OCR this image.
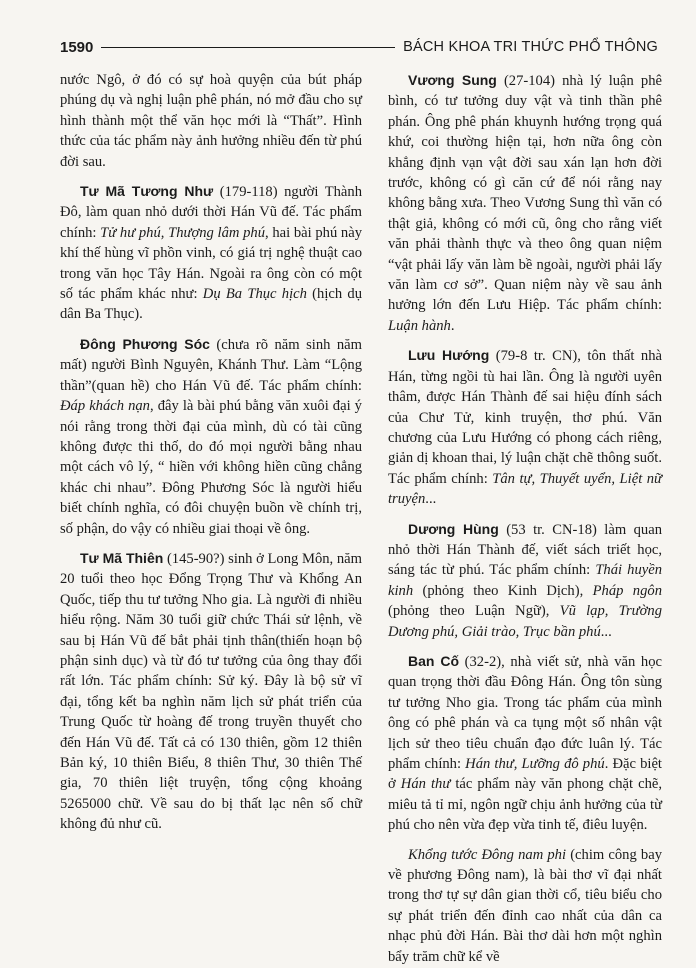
1590	BÁCH KHOA TRI THỨC PHỔ THÔNG

nước Ngô, ở đó có sự hoà quyện của bút pháp phúng dụ và nghị luận phê phán, nó mở đầu cho sự hình thành một thể văn học mới là “Thất”. Hình thức của tác phẩm này ảnh hưởng nhiều đến từ phú đời sau.

Tư Mã Tương Như (179-118) người Thành Đô, làm quan nhỏ dưới thời Hán Vũ đế. Tác phẩm chính: Tử hư phú, Thượng lâm phú, hai bài phú này khí thế hùng vĩ phồn vinh, có giá trị nghệ thuật cao trong văn học Tây Hán. Ngoài ra ông còn có một số tác phẩm khác như: Dụ Ba Thục hịch (hịch dụ dân Ba Thục).

Đông Phương Sóc (chưa rõ năm sinh năm mất) người Bình Nguyên, Khánh Thư. Làm “Lộng thần”(quan hề) cho Hán Vũ đế. Tác phẩm chính: Đáp khách nạn, đây là bài phú bằng văn xuôi đại ý nói rằng trong thời đại của mình, dù có tài cũng không được thi thố, do đó mọi người bằng nhau một cách vô lý, “ hiền với không hiền cũng chẳng khác chi nhau”. Đông Phương Sóc là người hiểu biết chính nghĩa, có đôi chuyện buồn về chính trị, số phận, do vậy có nhiều giai thoại về ông.

Tư Mã Thiên (145-90?) sinh ở Long Môn, năm 20 tuổi theo học Đổng Trọng Thư và Khổng An Quốc, tiếp thu tư tưởng Nho gia. Là người đi nhiều hiểu rộng. Năm 30 tuổi giữ chức Thái sử lệnh, về sau bị Hán Vũ đế bắt phải tịnh thân(thiến hoạn bộ phận sinh dục) và từ đó tư tưởng của ông thay đổi rất lớn. Tác phẩm chính: Sử ký. Đây là bộ sử vĩ đại, tổng kết ba nghìn năm lịch sử phát triển của Trung Quốc từ hoàng đế trong truyền thuyết cho đến Hán Vũ đế. Tất cả có 130 thiên, gồm 12 thiên Bản ký, 10 thiên Biểu, 8 thiên Thư, 30 thiên Thế gia, 70 thiên liệt truyện, tổng cộng khoảng 5265000 chữ. Về sau do bị thất lạc nên số chữ không đủ như cũ.

Vương Sung (27-104) nhà lý luận phê bình, có tư tưởng duy vật và tinh thần phê phán. Ông phê phán khuynh hướng trọng quá khứ, coi thường hiện tại, hơn nữa ông còn khẳng định vạn vật đời sau xán lạn hơn đời trước, không có gì căn cứ để nói rằng nay không bằng xưa. Theo Vương Sung thì văn có thật giả, không có mới cũ, ông cho rằng viết văn phải thành thực và theo ông quan niệm “vật phải lấy văn làm bề ngoài, người phải lấy văn làm cơ sở”. Quan niệm này về sau ảnh hưởng lớn đến Lưu Hiệp. Tác phẩm chính: Luận hành.

Lưu Hướng (79-8 tr. CN), tôn thất nhà Hán, từng ngồi tù hai lần. Ông là người uyên thâm, được Hán Thành đế sai hiệu đính sách của Chư Tử, kinh truyện, thơ phú. Văn chương của Lưu Hướng có phong cách riêng, giản dị khoan thai, lý luận chặt chẽ thông suốt. Tác phẩm chính: Tân tự, Thuyết uyển, Liệt nữ truyện...

Dương Hùng (53 tr. CN-18) làm quan nhỏ thời Hán Thành đế, viết sách triết học, sáng tác từ phú. Tác phẩm chính: Thái huyền kinh (phỏng theo Kinh Dịch), Pháp ngôn (phỏng theo Luận Ngữ), Vũ lạp, Trường Dương phú, Giải trào, Trục bần phú...

Ban Cố (32-2), nhà viết sử, nhà văn học quan trọng thời đầu Đông Hán. Ông tôn sùng tư tưởng Nho gia. Trong tác phẩm của mình ông có phê phán và ca tụng một số nhân vật lịch sử theo tiêu chuẩn đạo đức luân lý. Tác phẩm chính: Hán thư, Lưỡng đô phú. Đặc biệt ở Hán thư tác phẩm này văn phong chặt chẽ, miêu tả tỉ mỉ, ngôn ngữ chịu ảnh hưởng của từ phú cho nên vừa đẹp vừa tinh tế, điêu luyện.

Khổng tước Đông nam phi (chim công bay về phương Đông nam), là bài thơ vĩ đại nhất trong thơ tự sự dân gian thời cổ, tiêu biểu cho sự phát triển đến đỉnh cao nhất của dân ca nhạc phủ đời Hán. Bài thơ dài hơn một nghìn bẩy trăm chữ kể về
